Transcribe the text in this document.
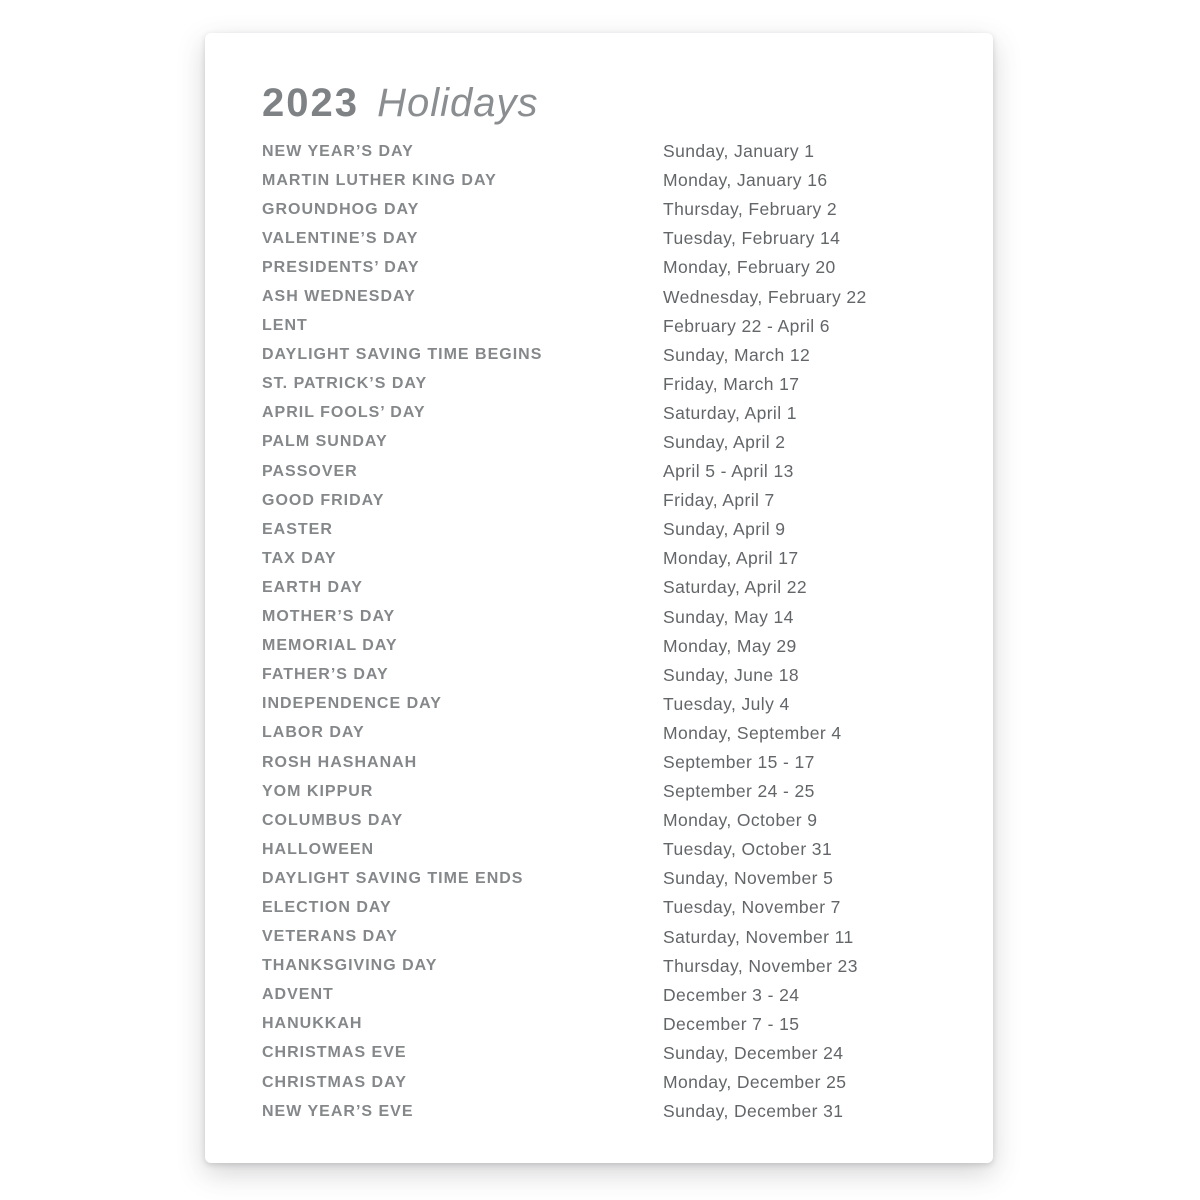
2023 Holidays
NEW YEAR’S DAY	Sunday, January 1
MARTIN LUTHER KING DAY	Monday, January 16
GROUNDHOG DAY	Thursday, February 2
VALENTINE’S DAY	Tuesday, February 14
PRESIDENTS’ DAY	Monday, February 20
ASH WEDNESDAY	Wednesday, February 22
LENT	February 22 - April 6
DAYLIGHT SAVING TIME BEGINS	Sunday, March 12
ST. PATRICK’S DAY	Friday, March 17
APRIL FOOLS’ DAY	Saturday, April 1
PALM SUNDAY	Sunday, April 2
PASSOVER	April 5 - April 13
GOOD FRIDAY	Friday, April 7
EASTER	Sunday, April 9
TAX DAY	Monday, April 17
EARTH DAY	Saturday, April 22
MOTHER’S DAY	Sunday, May 14
MEMORIAL DAY	Monday, May 29
FATHER’S DAY	Sunday, June 18
INDEPENDENCE DAY	Tuesday, July 4
LABOR DAY	Monday, September 4
ROSH HASHANAH	September 15 - 17
YOM KIPPUR	September 24 - 25
COLUMBUS DAY	Monday, October 9
HALLOWEEN	Tuesday, October 31
DAYLIGHT SAVING TIME ENDS	Sunday, November 5
ELECTION DAY	Tuesday, November 7
VETERANS DAY	Saturday, November 11
THANKSGIVING DAY	Thursday, November 23
ADVENT	December 3 - 24
HANUKKAH	December 7 - 15
CHRISTMAS EVE	Sunday, December 24
CHRISTMAS DAY	Monday, December 25
NEW YEAR’S EVE	Sunday, December 31
